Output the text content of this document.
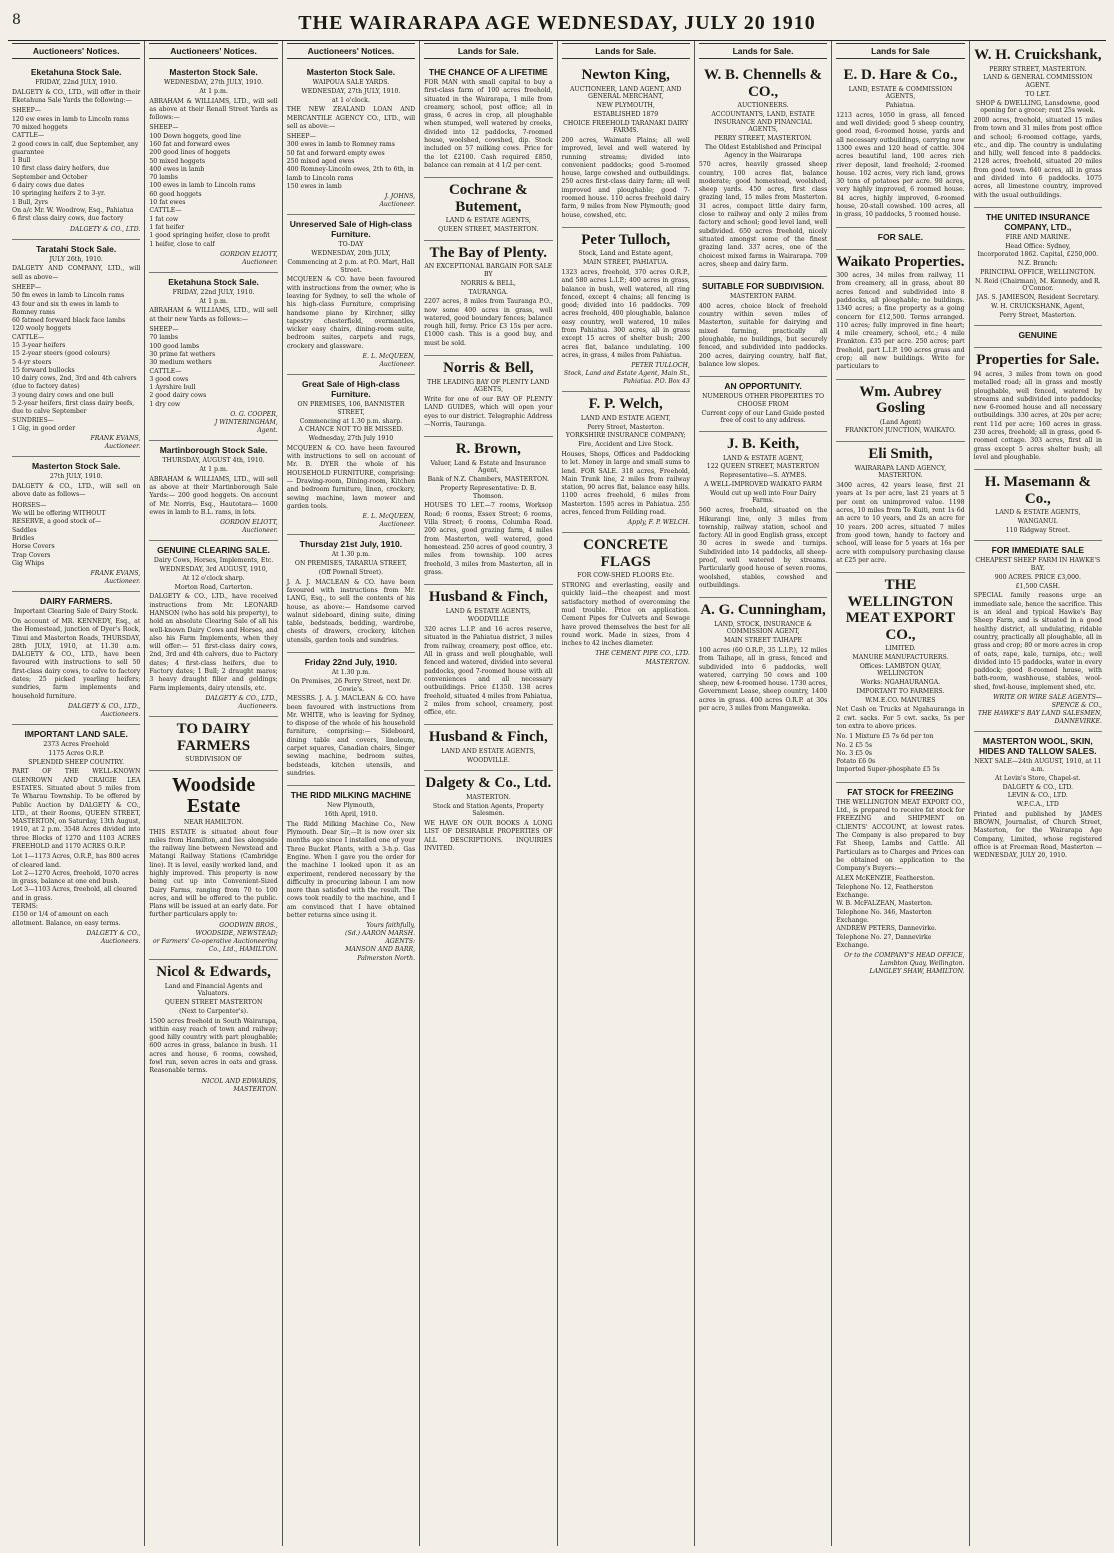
8	THE WAIRARAPA AGE WEDNESDAY, JULY 20 1910
Auctioneers' Notices.
Eketahuna Stock Sale.
FRIDAY, 22nd JULY, 1910.
DALGETY & CO., LTD., will offer in their Eketahuna Sale Yards the following:—
SHEEP—
120 ew ewes in lamb to Lincoln rams
70 mixed hoggets
CATTLE—
2 good cows in calf, due September, any guarantee
1 Bull
10 first class dairy heifers, due September and October
6 dairy cows due dates
10 springing heifers 2 to 3-yr.
1 Bull, 2yrs
On a/c Mr. W. Woodrow, Esq., Pahiatua
6 first class dairy cows, due factory
DALGETY & CO., LTD.
Taratahi Stock Sale.
JULY 26th, 1910.
DALGETY AND COMPANY, LTD., will sell as above—
SHEEP—
50 fm ewes in lamb to Lincoln rams
43 four and six th ewes in lamb to Romney rams
60 fatmed forward black face lambs
120 wooly hoggets
CATTLE—
15 3-year heifers
15 2-year steers (good colours)
5 4-yr steers
15 forward bullocks
10 dairy cows, 2nd, 3rd and 4th calvers (due to factory dates)
3 young dairy cows and one bull
5 2-year heifers, first class dairy beefs, due to calve September
SUNDRIES—
1 Gig, in good order
FRANK EVANS,
Auctioneer.
Masterton Stock Sale.
27th JULY, 1910.
DALGETY & CO., LTD., will sell on above date as follows—
HORSES—
We will be offering WITHOUT RESERVE, a good stock of—
Saddles
Bridles
Horse Covers
Trap Covers
Gig Whips
FRANK EVANS,
Auctioneer.
DAIRY FARMERS.
Important Clearing Sale of Dairy Stock.
On account of MR. KENNEDY, Esq., at the Homestead, junction of Dyer's Rock, Tinui and Masterton Roads, THURSDAY, 28th JULY, 1910, at 11.30 a.m. DALGETY & CO., LTD., have been favoured with instructions to sell 50 first-class dairy cows, to calve to factory dates; 25 picked yearling heifers; sundries, farm implements and household furniture.
DALGETY & CO., LTD.,
Auctioneers.
IMPORTANT LAND SALE.
2373 Acres Freehold
1175 Acres O.R.P.
SPLENDID SHEEP COUNTRY.
PART OF THE WELL-KNOWN GLENROWN AND CRAIGIE LEA ESTATES. Situated about 5 miles from Te Wharau Township. To be offered by Public Auction by DALGETY & CO., LTD., at their Rooms, QUEEN STREET, MASTERTON, on Saturday, 13th August, 1910, at 2 p.m. 3548 Acres divided into three Blocks of 1270 and 1103 ACRES FREEHOLD and 1170 ACRES O.R.P.
Lot 1—1173 Acres, O.R.P., has 800 acres of cleared land.
Lot 2—1270 Acres, freehold, 1070 acres in grass, balance at one end bush.
Lot 3—1103 Acres, freehold, all cleared and in grass.
TERMS:
£150 or 1/4 of amount on each allotment. Balance, on easy terms.
DALGETY & CO.,
Auctioneers.
Auctioneers' Notices.
Masterton Stock Sale.
WEDNESDAY, 27th JULY, 1910.
At 1 p.m.
ABRAHAM & WILLIAMS, LTD., will sell as above at their Renall Street Yards as follows:—
SHEEP—
100 Down hoggets, good line
160 fat and forward ewes
200 good lines of hoggets
50 mixed hoggets
400 ewes in lamb
70 lambs
100 ewes in lamb to Lincoln rams
60 good hoggets
10 fat ewes
CATTLE—
1 fat cow
1 fat heifer
1 good springing heifer, close to profit
1 heifer, close to calf
GORDON ELIOTT,
Auctioneer.
Eketahuna Stock Sale.
FRIDAY, 22nd JULY, 1910.
At 1 p.m.
ABRAHAM & WILLIAMS, LTD., will sell at their new Yards as follows:—
SHEEP—
70 lambs
100 good lambs
30 prime fat wethers
30 medium wethers
CATTLE—
3 good cows
1 Ayrshire bull
2 good dairy cows
1 dry cow
O. G. COOPER,
J WINTERINGHAM,
Agent.
Martinborough Stock Sale.
THURSDAY, AUGUST 4th, 1910.
At 1 p.m.
ABRAHAM & WILLIAMS, LTD., will sell as above at their Martinborough Sale Yards:— 200 good hoggets. On account of Mr. Norris, Esq., Hautotara— 1600 ewes in lamb to B.L. rams, in lots.
GORDON ELIOTT,
Auctioneer.
GENUINE CLEARING SALE.
Dairy Cows, Horses, Implements, Etc.
WEDNESDAY, 3rd AUGUST, 1910,
At 12 o'clock sharp.
Morton Road, Carterton.
DALGETY & CO., LTD., have received instructions from Mr. LEONARD HANSON (who has sold his property), to hold an absolute Clearing Sale of all his well-known Dairy Cows and Horses, and also his Farm Implements, when they will offer:— 51 first-class dairy cows, 2nd, 3rd and 4th calvers, due to Factory dates; 4 first-class heifers, due to Factory dates; 1 Bull; 2 draught mares; 3 heavy draught filler and geldings; Farm implements, dairy utensils, etc.
DALGETY & CO., LTD.,
Auctioneers.
TO DAIRY FARMERS
SUBDIVISION OF
Woodside Estate
NEAR HAMILTON.
THIS ESTATE is situated about four miles from Hamilton, and lies alongside the railway line between Newstead and Matangi Railway Stations (Cambridge line). It is level, easily worked land, and highly improved. This property is now being cut up into Convenient-Sized Dairy Farms, ranging from 70 to 100 acres, and will be offered to the public. Plans will be issued at an early date. For further particulars apply to:
GOODWIN BROS.,
WOODSIDE, NEWSTEAD;
or Farmers' Co-operative Auctioneering Co., Ltd., HAMILTON.
Nicol & Edwards,
Land and Financial Agents and Valuators.
QUEEN STREET MASTERTON
(Next to Carpenter's).
1500 acres freehold in South Wairarapa, within easy reach of town and railway; good hilly country with part ploughable; 600 acres in grass, balance in bush. 11 acres and house, 6 rooms, cowshed, fowl run, seven acres in oats and grass. Reasonable terms.
NICOL AND EDWARDS,
MASTERTON.
Auctioneers' Notices.
Masterton Stock Sale.
WAIPOUA SALE YARDS.
WEDNESDAY, 27th JULY, 1910.
at 1 o'clock.
THE NEW ZEALAND LOAN AND MERCANTILE AGENCY CO., LTD., will sell as above:—
SHEEP—
300 ewes in lamb to Romney rams
50 fat and forward empty ewes
250 mixed aged ewes
400 Romney-Lincoln ewes, 2th to 6th, in lamb to Lincoln rams
150 ewes in lamb
J. JOHNS,
Auctioneer.
Unreserved Sale of High-class Furniture.
TO-DAY
WEDNESDAY, 20th JULY,
Commencing at 2 p.m. at P.O. Mart, Hall Street.
MCQUEEN & CO. have been favoured with instructions from the owner, who is leaving for Sydney, to sell the whole of his high-class Furniture, comprising handsome piano by Kirchner, silky tapestry chesterfield, overmantles, wicker easy chairs, dining-room suite, bedroom suites, carpets and rugs, crockery and glassware.
E. L. McQUEEN,
Auctioneer.
Great Sale of High-class Furniture.
ON PREMISES, 106, BANNISTER STREET,
Commencing at 1.30 p.m. sharp.
A CHANCE NOT TO BE MISSED.
Wednesday, 27th July 1910
MCQUEEN & CO. have been favoured with instructions to sell on account of Mr. B. DYER the whole of his HOUSEHOLD FURNITURE, comprising:— Drawing-room, Dining-room, Kitchen and bedroom furniture, linen, crockery, sewing machine, lawn mower and garden tools.
E. L. McQUEEN,
Auctioneer.
Thursday 21st July, 1910.
At 1.30 p.m.
ON PREMISES, TARARUA STREET,
(Off Pownall Street).
J. A. J. MACLEAN & CO. have been favoured with instructions from Mr. LANG, Esq., to sell the contents of his house, as above:— Handsome carved walnut sideboard, dining suite, dining table, bedsteads, bedding, wardrobe, chests of drawers, crockery, kitchen utensils, garden tools and sundries.
Friday 22nd July, 1910.
At 1.30 p.m.
On Premises, 26 Perry Street, next Dr. Cowie's.
MESSRS. J. A. J. MACLEAN & CO. have been favoured with instructions from Mr. WHITE, who is leaving for Sydney, to dispose of the whole of his household furniture, comprising:— Sideboard, dining table and covers, linoleum, carpet squares, Canadian chairs, Singer sewing machine, bedroom suites, bedsteads, kitchen utensils, and sundries.
THE RIDD MILKING MACHINE
New Plymouth,
16th April, 1910.
The Ridd Milking Machine Co., New Plymouth. Dear Sir,—It is now over six months ago since I installed one of your Three Bucket Plants, with a 3-h.p. Gas Engine. When I gave you the order for the machine I looked upon it as an experiment, rendered necessary by the difficulty in procuring labour. I am now more than satisfied with the result. The cows took readily to the machine, and I am convinced that I have obtained better returns since using it.
Yours faithfully,
(Sd.) AARON MARSH.
AGENTS:
MANSON AND BARR,
Palmerston North.
Lands for Sale.
THE CHANCE OF A LIFETIME
FOR MAN with small capital to buy a first-class farm of 100 acres freehold, situated in the Wairarapa, 1 mile from creamery, school, post office; all in grass, 6 acres in crop, all ploughable when stumped, well watered by creeks, divided into 12 paddocks, 7-roomed house, woolshed, cowshed, dip. Stock included on 57 milking cows. Price for the lot £2100. Cash required £850, balance can remain at 4 1/2 per cent.
Cochrane & Butement,
LAND & ESTATE AGENTS,
QUEEN STREET, MASTERTON.
The Bay of Plenty.
AN EXCEPTIONAL BARGAIN FOR SALE BY
NORRIS & BELL,
TAURANGA.
2207 acres, 8 miles from Tauranga P.O., now some 400 acres in grass, well watered, good boundary fences; balance rough hill, ferny. Price £3 15s per acre. £1000 cash. This is a good buy, and must be sold.
Norris & Bell,
THE LEADING BAY OF PLENTY LAND AGENTS,
Write for one of our BAY OF PLENTY LAND GUIDES, which will open your eyes to our district. Telegraphic Address—Norris, Tauranga.
R. Brown,
Valuer, Land & Estate and Insurance Agent,
Bank of N.Z. Chambers, MASTERTON.
Property Representative: D. B. Thomson.
HOUSES TO LET.—7 rooms, Worksop Road; 6 rooms, Essex Street; 6 rooms, Villa Street; 6 rooms, Columba Road. 200 acres, good grazing farm, 4 miles from Masterton, well watered, good homestead. 250 acres of good country, 3 miles from township. 100 acres freehold, 3 miles from Masterton, all in grass.
Husband & Finch,
LAND & ESTATE AGENTS,
WOODVILLE
320 acres L.I.P. and 16 acres reserve, situated in the Pahiatua district, 3 miles from railway, creamery, post office, etc. All in grass and well ploughable, well fenced and watered, divided into several paddocks, good 7-roomed house with all conveniences and all necessary outbuildings. Price £1350. 138 acres freehold, situated 4 miles from Pahiatua, 2 miles from school, creamery, post office, etc.
Husband & Finch,
LAND AND ESTATE AGENTS,
WOODVILLE.
Dalgety & Co., Ltd.
MASTERTON.
Stock and Station Agents, Property Salesmen.
WE HAVE ON OUR BOOKS A LONG LIST OF DESIRABLE PROPERTIES OF ALL DESCRIPTIONS. INQUIRIES INVITED.
Lands for Sale.
Newton King,
AUCTIONEER, LAND AGENT, AND GENERAL MERCHANT,
NEW PLYMOUTH,
ESTABLISHED 1879
CHOICE FREEHOLD TARANAKI DAIRY FARMS.
200 acres, Waimate Plains; all well improved, level and well watered by running streams; divided into convenient paddocks; good 5-roomed house, large cowshed and outbuildings. 250 acres first-class dairy farm; all well improved and ploughable; good 7-roomed house. 110 acres freehold dairy farm, 9 miles from New Plymouth; good house, cowshed, etc.
Peter Tulloch,
Stock, Land and Estate agent,
MAIN STREET, PAHIATUA.
1323 acres, freehold, 370 acres O.R.P., and 580 acres L.I.P.; 400 acres in grass, balance in bush, well watered, all ring fenced, except 4 chains; all fencing is good; divided into 16 paddocks. 709 acres freehold, 400 ploughable, balance easy country, well watered, 10 miles from Pahiatua. 300 acres, all in grass except 15 acres of shelter bush; 200 acres flat, balance undulating. 100 acres, in grass, 4 miles from Pahiatua.
PETER TULLOCH,
Stock, Land and Estate Agent, Main St., Pahiatua. P.O. Box 43
F. P. Welch,
LAND AND ESTATE AGENT,
Perry Street, Masterton.
YORKSHIRE INSURANCE COMPANY;
Fire, Accident and Live Stock.
Houses, Shops, Offices and Paddocking to let. Money in large and small sums to lend. FOR SALE. 318 acres, Freehold, Main Trunk line, 2 miles from railway station, 90 acres flat, balance easy hills. 1100 acres freehold, 6 miles from Masterton. 1595 acres in Pahiatua. 255 acres, fenced from Feilding road.
Apply, F. P. WELCH.
CONCRETE FLAGS
FOR COW-SHED FLOORS Etc.
STRONG and everlasting, easily and quickly laid—the cheapest and most satisfactory method of overcoming the mud trouble. Price on application. Cement Pipes for Culverts and Sewage have proved themselves the best for all round work. Made in sizes, from 4 inches to 42 inches diameter.
THE CEMENT PIPE CO., LTD.
MASTERTON.
Lands for Sale.
W. B. Chennells & CO.,
AUCTIONEERS.
ACCOUNTANTS, LAND, ESTATE INSURANCE AND FINANCIAL AGENTS,
PERRY STREET, MASTERTON.
The Oldest Established and Principal Agency in the Wairarapa
570 acres, heavily grassed sheep country, 100 acres flat, balance moderate; good homestead, woolshed, sheep yards. 450 acres, first class grazing land, 15 miles from Masterton. 31 acres, compact little dairy farm, close to railway and only 2 miles from factory and school; good level land, well subdivided. 650 acres freehold, nicely situated amongst some of the finest grazing land. 337 acres, one of the choicest mixed farms in Wairarapa. 709 acres, sheep and dairy farm.
SUITABLE FOR SUBDIVISION.
MASTERTON FARM.
400 acres, choice block of freehold country within seven miles of Masterton, suitable for dairying and mixed farming, practically all ploughable, no buildings, but securely fenced, and subdivided into paddocks. 200 acres, dairying country, half flat, balance low slopes.
AN OPPORTUNITY.
NUMEROUS OTHER PROPERTIES TO CHOOSE FROM
Current copy of our Land Guide posted free of cost to any address.
J. B. Keith,
LAND & ESTATE AGENT,
122 QUEEN STREET, MASTERTON
Representative—S. AYMES.
A WELL-IMPROVED WAIKATO FARM
Would cut up well into Four Dairy Farms.
560 acres, freehold, situated on the Hikurangi line, only 3 miles from township, railway station, school and factory. All in good English grass, except 30 acres in swede and turnips. Subdivided into 14 paddocks, all sheep-proof, well watered by streams. Particularly good house of seven rooms, woolshed, stables, cowshed and outbuildings.
A. G. Cunningham,
LAND, STOCK, INSURANCE & COMMISSION AGENT,
MAIN STREET TAIHAPE
100 acres (60 O.R.P., 35 L.I.P.), 12 miles from Taihape, all in grass, fenced and subdivided into 6 paddocks, well watered, carrying 50 cows and 100 sheep, new 4-roomed house. 1730 acres, Government Lease, sheep country, 1400 acres in grass. 400 acres O.R.P. at 30s per acre, 3 miles from Mangaweka.
Lands for Sale
E. D. Hare & Co.,
LAND, ESTATE & COMMISSION AGENTS,
Pahiatua.
1213 acres, 1050 in grass, all fenced and well divided; good 5 sheep country, good road, 6-roomed house, yards and all necessary outbuildings, carrying now 1300 ewes and 120 head of cattle. 304 acres beautiful land, 100 acres rich river deposit, land freehold; 2-roomed house. 102 acres, very rich land, grows 30 tons of potatoes per acre. 98 acres, very highly improved, 6 roomed house. 84 acres, highly improved, 6-roomed house, 20-stall cowshed. 100 acres, all in grass, 10 paddocks, 5 roomed house.
FOR SALE.
Waikato Properties.
300 acres, 34 miles from railway, 11 from creamery, all in grass, about 80 acres fenced and subdivided into 8 paddocks, all ploughable; no buildings. 1340 acres; a fine property as a going concern for £12,500. Terms arranged. 110 acres; fully improved in fine heart; 4 mile creamery, school, etc.; 4 mile Frankton. £35 per acre. 250 acres; part freehold, part L.I.P. 190 acres grass and crop; all new buildings. Write for particulars to
Wm. Aubrey Gosling
(Land Agent)
FRANKTON JUNCTION, WAIKATO.
Eli Smith,
WAIRARAPA LAND AGENCY, MASTERTON.
3400 acres, 42 years lease, first 21 years at 1s per acre, last 21 years at 5 per cent on unimproved value. 1198 acres, 10 miles from Te Kuiti, rent 1s 6d an acre to 10 years, and 2s an acre for 10 years. 200 acres, situated 7 miles from good town, handy to factory and school, will lease for 5 years at 16s per acre with compulsory purchasing clause at £25 per acre.
THE WELLINGTON MEAT EXPORT CO.,
LIMITED.
MANURE MANUFACTURERS.
Offices: LAMBTON QUAY, WELLINGTON
Works: NGAHAURANGA.
IMPORTANT TO FARMERS.
W.M.E.CO. MANURES
Net Cash on Trucks at Ngahauranga in 2 cwt. sacks. For 5 cwt. sacks, 5s per ton extra to above prices.
No. 1 Mixture £5 7s 6d per ton
No. 2 £5 5s
No. 3 £5 0s
Potato £6 0s
Imported Super-phosphate £5 5s
FAT STOCK for FREEZING
THE WELLINGTON MEAT EXPORT CO., Ltd., is prepared to receive fat stock for FREEZING and SHIPMENT on CLIENTS' ACCOUNT, at lowest rates. The Company is also prepared to buy Fat Sheep, Lambs and Cattle. All Particulars as to Charges and Prices can be obtained on application to the Company's Buyers:—
ALEX McKENZIE, Featherston. Telephone No. 12, Featherston Exchange.
W. B. McFALZEAN, Masterton. Telephone No. 346, Masterton Exchange.
ANDREW PETERS, Dannevirke. Telephone No. 27, Dannevirke Exchange.
Or to the COMPANY'S HEAD OFFICE, Lambton Quay, Wellington.
LANGLEY SHAW, HAMILTON.
W. H. Cruickshank,
PERRY STREET, MASTERTON.
LAND & GENERAL COMMISSION AGENT.
TO LET.
SHOP & DWELLING, Lansdowne, good opening for a grocer; rent 25s week.
2000 acres, freehold, situated 15 miles from town and 31 miles from post office and school; 6-roomed cottage, yards, etc., and dip. The country is undulating and hilly, well fenced into 8 paddocks. 2128 acres, freehold, situated 20 miles from good town. 640 acres, all in grass and divided into 6 paddocks. 1075 acres, all limestone country, improved with the usual outbuildings.
THE UNITED INSURANCE COMPANY, LTD.,
FIRE AND MARINE.
Head Office: Sydney,
Incorporated 1862. Capital, £250,000.
N.Z. Branch:
PRINCIPAL OFFICE, WELLINGTON.
N. Reid (Chairman), M. Kennedy, and R. O'Connor.
JAS. S. JAMIESON, Resident Secretary.
W. H. CRUICKSHANK, Agent,
Perry Street, Masterton.
GENUINE
Properties for Sale.
94 acres, 3 miles from town on good metalled road; all in grass and mostly ploughable, well fenced, watered by streams and subdivided into paddocks; new 6-roomed house and all necessary outbuildings. 330 acres, at 20s per acre; rent 11d per acre; 160 acres in grass. 230 acres, freehold; all in grass, good 6-roomed cottage. 303 acres, first all in grass except 5 acres shelter bush; all level and ploughable.
H. Masemann & Co.,
LAND & ESTATE AGENTS,
WANGANUI.
110 Ridgway Street.
FOR IMMEDIATE SALE
CHEAPEST SHEEP FARM IN HAWKE'S BAY.
900 ACRES. PRICE £3,000.
£1,500 CASH.
SPECIAL family reasons urge an immediate sale, hence the sacrifice. This is an ideal and typical Hawke's Bay Sheep Farm, and is situated in a good healthy district, all undulating, ridable country, practically all ploughable, all in grass and crop; 80 or more acres in crop of oats, rape, kale, turnips, etc.; well divided into 15 paddocks, water in every paddock; good 8-roomed house, with bath-room, washhouse, stables, wool-shed, fowl-house, implement shed, etc.
WRITE OR WIRE SALE AGENTS—
SPENCE & CO.,
THE HAWKE'S BAY LAND SALESMEN,
DANNEVIRKE.
MASTERTON WOOL, SKIN, HIDES AND TALLOW SALES.
NEXT SALE—24th AUGUST, 1910, at 11 a.m.
At Levin's Store, Chapel-st.
DALGETY & CO., LTD.
LEVIN & CO., LTD.
W.F.C.A., LTD
Printed and published by JAMES BROWN, Journalist, of Church Street, Masterton, for the Wairarapa Age Company, Limited, whose registered office is at Freeman Road, Masterton — WEDNESDAY, JULY 20, 1910.
